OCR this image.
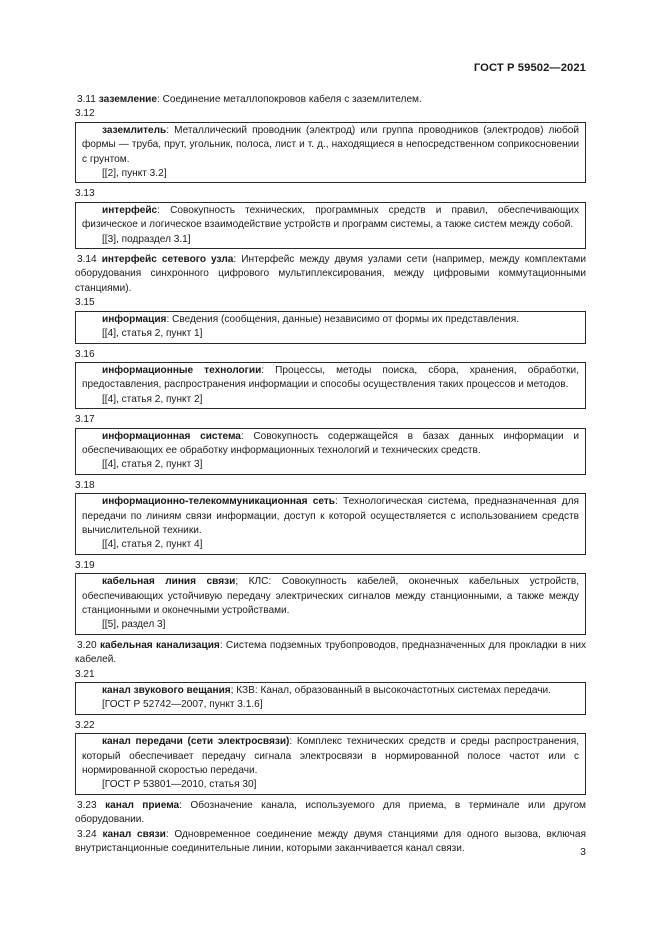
ГОСТ Р 59502—2021

3.11 заземление: Соединение металлопокровов кабеля с заземлителем.

3.12

заземлитель: Металлический проводник (электрод) или группа проводников (электродов) любой формы — труба, прут, угольник, полоса, лист и т. д., находящиеся в непосредственном соприкосновении с грунтом.

[[2], пункт 3.2]

3.13

интерфейс: Совокупность технических, программных средств и правил, обеспечивающих физическое и логическое взаимодействие устройств и программ системы, а также систем между собой.

[[3], подраздел 3.1]

3.14 интерфейс сетевого узла: Интерфейс между двумя узлами сети (например, между комплектами оборудования синхронного цифрового мультиплексирования, между цифровыми коммутационными станциями).

3.15

информация: Сведения (сообщения, данные) независимо от формы их представления.

[[4], статья 2, пункт 1]

3.16

информационные технологии: Процессы, методы поиска, сбора, хранения, обработки, предоставления, распространения информации и способы осуществления таких процессов и методов.

[[4], статья 2, пункт 2]

3.17

информационная система: Совокупность содержащейся в базах данных информации и обеспечивающих ее обработку информационных технологий и технических средств.

[[4], статья 2, пункт 3]

3.18

информационно-телекоммуникационная сеть: Технологическая система, предназначенная для передачи по линиям связи информации, доступ к которой осуществляется с использованием средств вычислительной техники.

[[4], статья 2, пункт 4]

3.19

кабельная линия связи; КЛС: Совокупность кабелей, оконечных кабельных устройств, обеспечивающих устойчивую передачу электрических сигналов между станционными, а также между станционными и оконечными устройствами.

[[5], раздел 3]

3.20 кабельная канализация: Система подземных трубопроводов, предназначенных для прокладки в них кабелей.

3.21

канал звукового вещания; КЗВ: Канал, образованный в высокочастотных системах передачи.

[ГОСТ Р 52742—2007, пункт 3.1.6]

3.22

канал передачи (сети электросвязи): Комплекс технических средств и среды распространения, который обеспечивает передачу сигнала электросвязи в нормированной полосе частот или с нормированной скоростью передачи.

[ГОСТ Р 53801—2010, статья 30]

3.23 канал приема: Обозначение канала, используемого для приема, в терминале или другом оборудовании.

3.24 канал связи: Одновременное соединение между двумя станциями для одного вызова, включая внутристанционные соединительные линии, которыми заканчивается канал связи.	3
